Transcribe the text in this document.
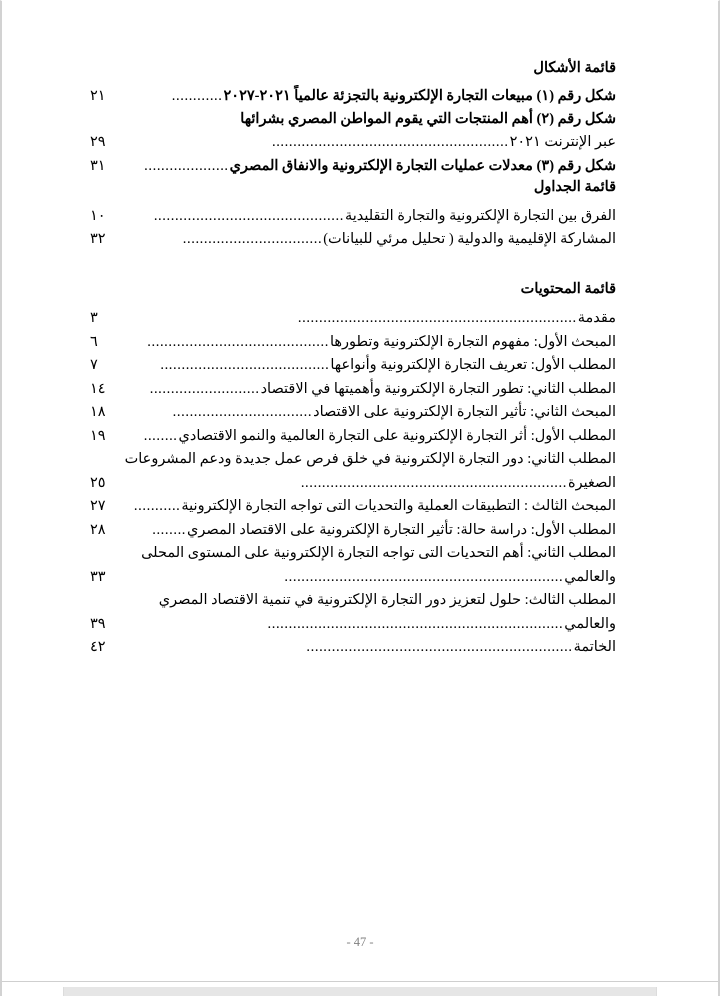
قائمة الأشكال
شكل رقم (١) مبيعات التجارة الإلكترونية بالتجزئة عالمياً ٢٠٢١-٢٠٢٧
............
٢١
شكل رقم (٢) أهم المنتجات التي يقوم المواطن المصري بشرائها
عبر الإنترنت ٢٠٢١
........................................................
٢٩
شكل رقم (٣) معدلات عمليات التجارة الإلكترونية والانفاق المصري
....................
٣١
قائمة الجداول
الفرق بين التجارة الإلكترونية والتجارة التقليدية
.............................................
١٠
المشاركة الإقليمية والدولية ( تحليل مرئي للبيانات)
.................................
٣٢
قائمة المحتويات
مقدمة
..................................................................
٣
المبحث الأول: مفهوم التجارة الإلكترونية وتطورها
...........................................
٦
المطلب الأول: تعريف التجارة الإلكترونية وأنواعها
........................................
٧
المطلب الثاني: تطور التجارة الإلكترونية وأهميتها في الاقتصاد
..........................
١٤
المبحث الثاني: تأثير التجارة الإلكترونية على الاقتصاد
.................................
١٨
المطلب الأول: أثر التجارة الإلكترونية على التجارة العالمية والنمو الاقتصادي
........
١٩
المطلب الثاني: دور التجارة الإلكترونية في خلق فرص عمل جديدة ودعم المشروعات
الصغيرة
...............................................................
٢٥
المبحث الثالث : التطبيقات العملية والتحديات التى تواجه التجارة الإلكترونية
...........
٢٧
المطلب الأول: دراسة حالة: تأثير التجارة الإلكترونية على الاقتصاد المصري
........
٢٨
المطلب الثاني: أهم التحديات التى تواجه التجارة الإلكترونية على المستوى المحلى
والعالمي
..................................................................
٣٣
المطلب الثالث: حلول لتعزيز دور التجارة الإلكترونية في تنمية الاقتصاد المصري
والعالمي
......................................................................
٣٩
الخاتمة
...............................................................
٤٢
- 47 -
